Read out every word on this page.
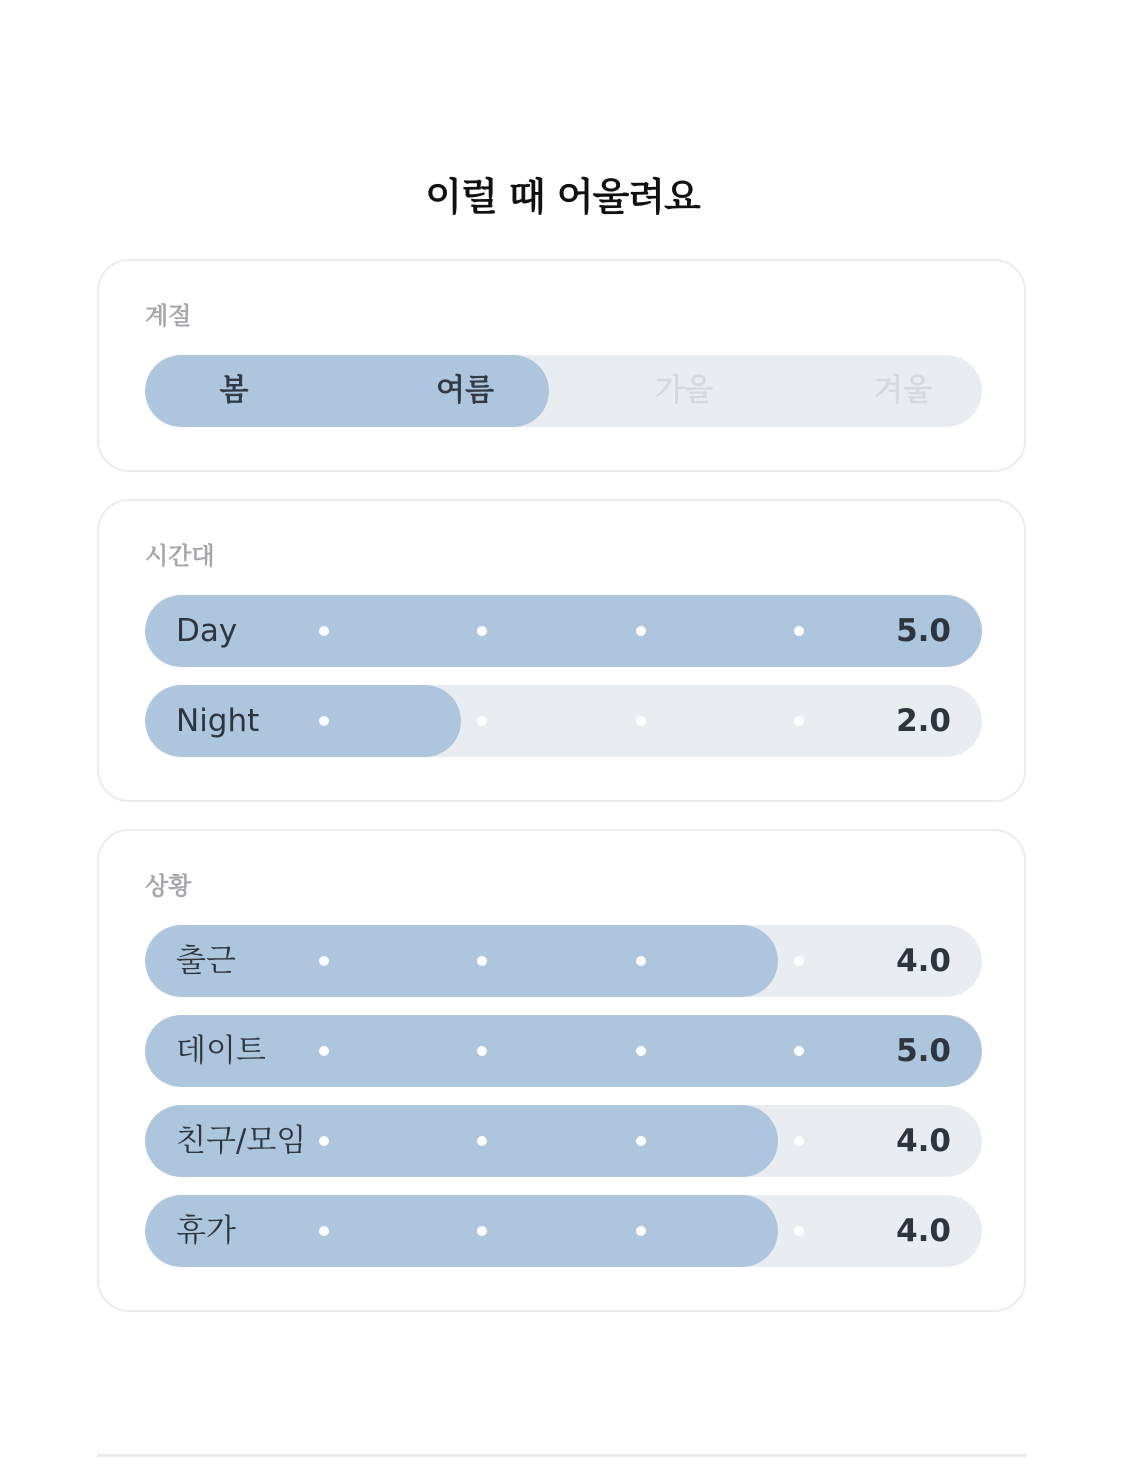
이럴 때 어울려요
계절
봄	여름	가을	겨울
시간대
Day	5.0
Night	2.0
상황
출근	4.0
데이트	5.0
친구/모임	4.0
휴가	4.0
